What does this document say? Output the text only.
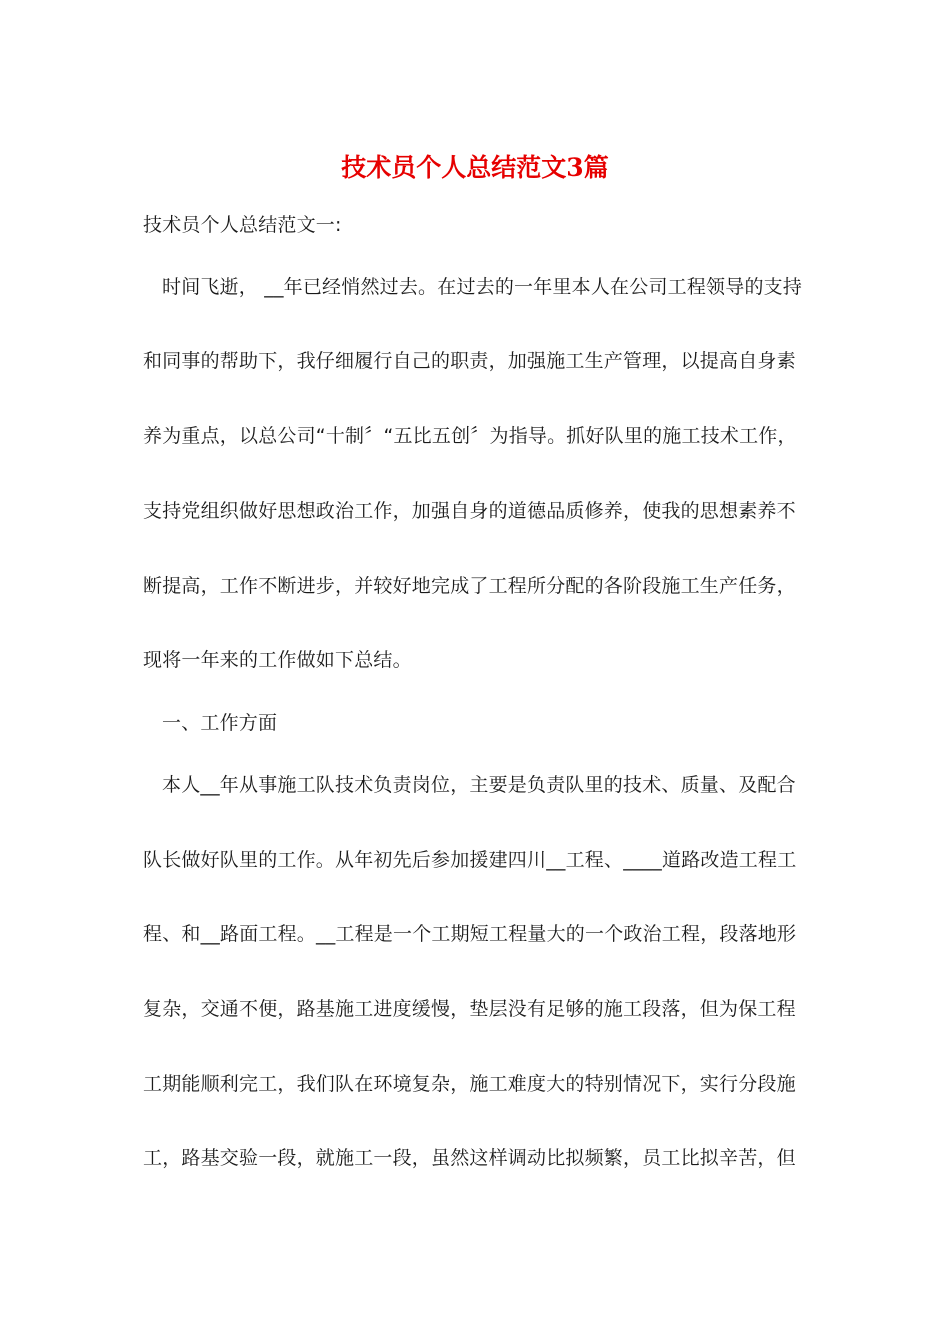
技术员个人总结范文3篇

技术员个人总结范文一:

时间飞逝， __年已经悄然过去。在过去的一年里本人在公司工程领导的支持

和同事的帮助下，我仔细履行自己的职责，加强施工生产管理，以提高自身素

养为重点，以总公司“十制〞“五比五创〞为指导。抓好队里的施工技术工作，

支持党组织做好思想政治工作，加强自身的道德品质修养，使我的思想素养不

断提高，工作不断进步，并较好地完成了工程所分配的各阶段施工生产任务，

现将一年来的工作做如下总结。

一、工作方面

本人__年从事施工队技术负责岗位，主要是负责队里的技术、质量、及配合

队长做好队里的工作。从年初先后参加援建四川__工程、____道路改造工程工

程、和__路面工程。__工程是一个工期短工程量大的一个政治工程，段落地形

复杂，交通不便，路基施工进度缓慢，垫层没有足够的施工段落，但为保工程

工期能顺利完工，我们队在环境复杂，施工难度大的特别情况下，实行分段施

工，路基交验一段，就施工一段，虽然这样调动比拟频繁，员工比拟辛苦，但
